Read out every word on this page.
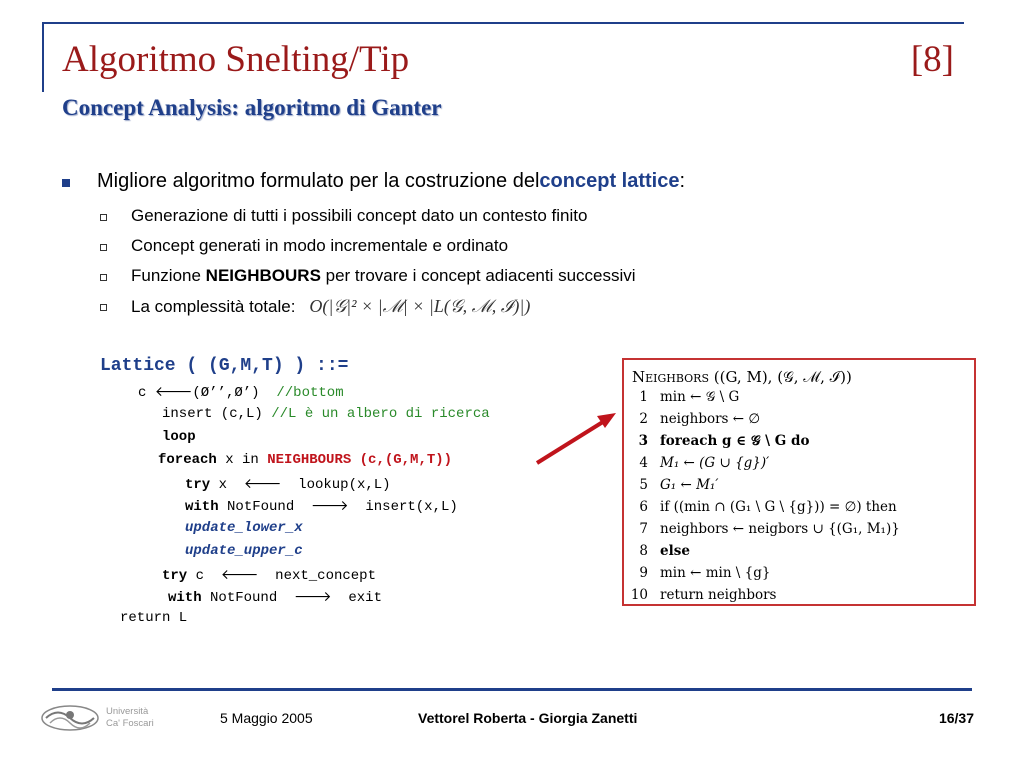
Algoritmo Snelting/Tip	[8]
Concept Analysis: algoritmo di Ganter
Migliore algoritmo formulato per la costruzione del concept lattice :
Generazione di tutti i possibili concept dato un contesto finito
Concept generati in modo incrementale e ordinato
Funzione
NEIGHBOURS
per trovare i concept adiacenti successivi
La complessità totale: O(|𝒢|² × |ℳ| × |L(𝒢, ℳ, ℐ)|)
Lattice ( (G,M,T) ) ::=
c 🡐(Ø’’,Ø’)  //bottom
insert (c,L) //L è un albero di ricerca
loop
foreach x in NEIGHBOURS (c,(G,M,T))
try x  🡐  lookup(x,L)
with NotFound  🡒  insert(x,L)
update_lower_x
update_upper_c
try c  🡐  next_concept
with NotFound  🡒  exit
return L
Neighbors ((G, M), (𝒢, ℳ, ℐ))
1 min ← 𝒢 \ G
2 neighbors ← ∅
3 foreach g ∈ 𝒢 \ G do
4 M₁ ← (G ∪ {g})′
5 G₁ ← M₁′
6 if ((min ∩ (G₁ \ G \ {g})) = ∅) then
7 neighbors ← neigbors ∪ {(G₁, M₁)}
8 else
9 min ← min \ {g}
10 return neighbors
Università
Ca' Foscari	5 Maggio 2005	Vettorel Roberta - Giorgia Zanetti	16/37
